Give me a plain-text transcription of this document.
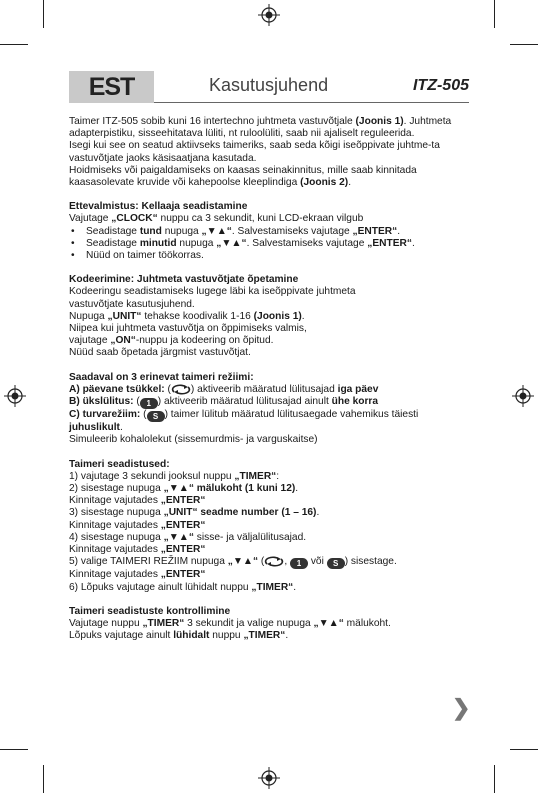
EST	Kasutusjuhend	ITZ-505

Taimer ITZ-505 sobib kuni 16 intertechno juhtmeta vastuvõtjale (Joonis 1). Juhtmeta adapterpistiku, sisseehitatava lüliti, nt ruloolüliti, saab nii ajaliselt reguleerida.

Isegi kui see on seatud aktiivseks taimeriks, saab seda kõigi iseõppivate juhtme-ta vastuvõtjate jaoks käsisaatjana kasutada.

Hoidmiseks või paigaldamiseks on kaasas seinakinnitus, mille saab kinnitada kaasasolevate kruvide või kahepoolse kleeplindiga (Joonis 2).

Ettevalmistus: Kellaaja seadistamine

Vajutage „CLOCK“ nuppu ca 3 sekundit, kuni LCD-ekraan vilgub

• Seadistage tund nupuga „▼▲“. Salvestamiseks vajutage „ENTER“.
• Seadistage minutid nupuga „▼▲“. Salvestamiseks vajutage „ENTER“.
• Nüüd on taimer töökorras.

Kodeerimine: Juhtmeta vastuvõtjate õpetamine

Kodeeringu seadistamiseks lugege läbi ka iseõppivate juhtmeta

vastuvõtjate kasutusjuhend.

Nupuga „UNIT“ tehakse koodivalik 1-16 (Joonis 1).

Niipea kui juhtmeta vastuvõtja on õppimiseks valmis,

vajutage „ON“-nuppu ja kodeering on õpitud.

Nüüd saab õpetada järgmist vastuvõtjat.

Saadaval on 3 erinevat taimeri režiimi:

A) päevane tsükkel: ( ) aktiveerib määratud lülitusajad iga päev

B) ükslülitus: ( 1 ) aktiveerib määratud lülitusajad ainult ühe korra

C) turvarežiim: ( S ) taimer lülitub määratud lülitusaegade vahemikus täiesti juhuslikult.

Simuleerib kohalolekut (sissemurdmis- ja varguskaitse)

Taimeri seadistused:

1) vajutage 3 sekundi jooksul nuppu „TIMER“:

2) sisestage nupuga „▼▲“ mälukoht (1 kuni 12).

Kinnitage vajutades „ENTER“

3) sisestage nupuga „UNIT“ seadme number (1 – 16).

Kinnitage vajutades „ENTER“

4) sisestage nupuga „▼▲“ sisse- ja väljalülitusajad.

Kinnitage vajutades „ENTER“

5) valige TAIMERI REŽIIM nupuga „▼▲“ ( , 1 või S ) sisestage.

Kinnitage vajutades „ENTER“

6) Lõpuks vajutage ainult lühidalt nuppu „TIMER“.

Taimeri seadistuste kontrollimine

Vajutage nuppu „TIMER“ 3 sekundit ja valige nupuga „▼▲“ mälukoht.

Lõpuks vajutage ainult lühidalt nuppu „TIMER“.

❯
